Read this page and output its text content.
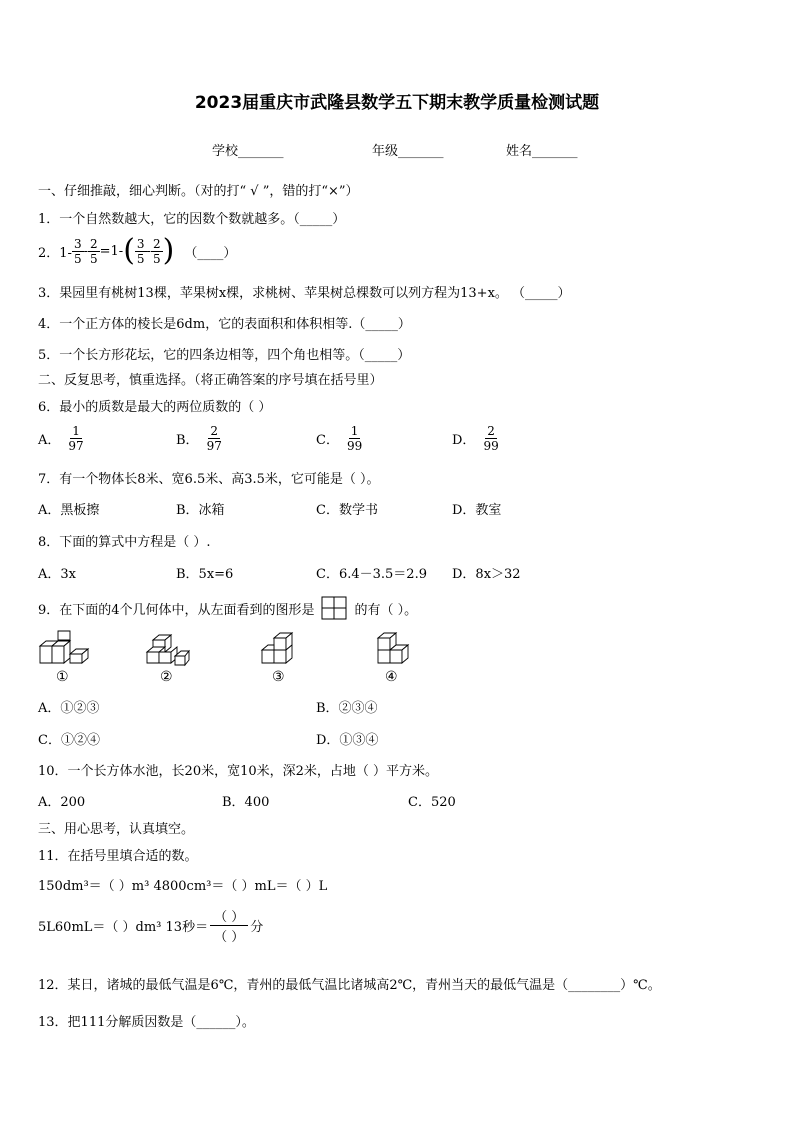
2023届重庆市武隆县数学五下期末教学质量检测试题
学校_______	年级_______	姓名_______
一、仔细推敲，细心判断。（对的打“ √ ”，错的打“×”）
1．一个自然数越大，它的因数个数就越多。（_____）
2．$1- \frac{3}{5} - \frac{2}{5} =1-$ ( $\frac{3}{5} - \frac{2}{5}$ ) （____）
3．果园里有桃树13棵，苹果树x棵，求桃树、苹果树总棵数可以列方程为13+x。 （_____）
4．一个正方体的棱长是6dm，它的表面积和体积相等.（_____）
5．一个长方形花坛，它的四条边相等，四个角也相等。（_____）
二、反复思考，慎重选择。（将正确答案的序号填在括号里）
6．最小的质数是最大的两位质数的（ ）
A． $\frac{1}{97}$	B． $\frac{2}{97}$	C． $\frac{1}{99}$	D． $\frac{2}{99}$
7．有一个物体长8米、宽6.5米、高3.5米，它可能是（ ）。
A．黑板擦	B．冰箱	C．数学书	D．教室
8．下面的算式中方程是（ ）.
A．3x	B．5x=6	C．6.4－3.5＝2.9 D．8x＞32
9．在下面的4个几何体中，从左面看到的图形是	的有（ ）。
①	②	③	④
A．①②③	B．②③④
C．①②④	D．①③④
10．一个长方体水池，长20米，宽10米，深2米，占地（ ）平方米。
A．200	B．400	C．520
三、用心思考，认真填空。
11．在括号里填合适的数。
150dm³＝（ ）m³ 4800cm³＝（ ）mL＝（ ）L
5L60mL＝（ ）dm³ 13秒＝
（ ）
（ ）
分
12．某日，诸城的最低气温是6℃，青州的最低气温比诸城高2℃，青州当天的最低气温是（________）℃。
13．把111分解质因数是（______）。
